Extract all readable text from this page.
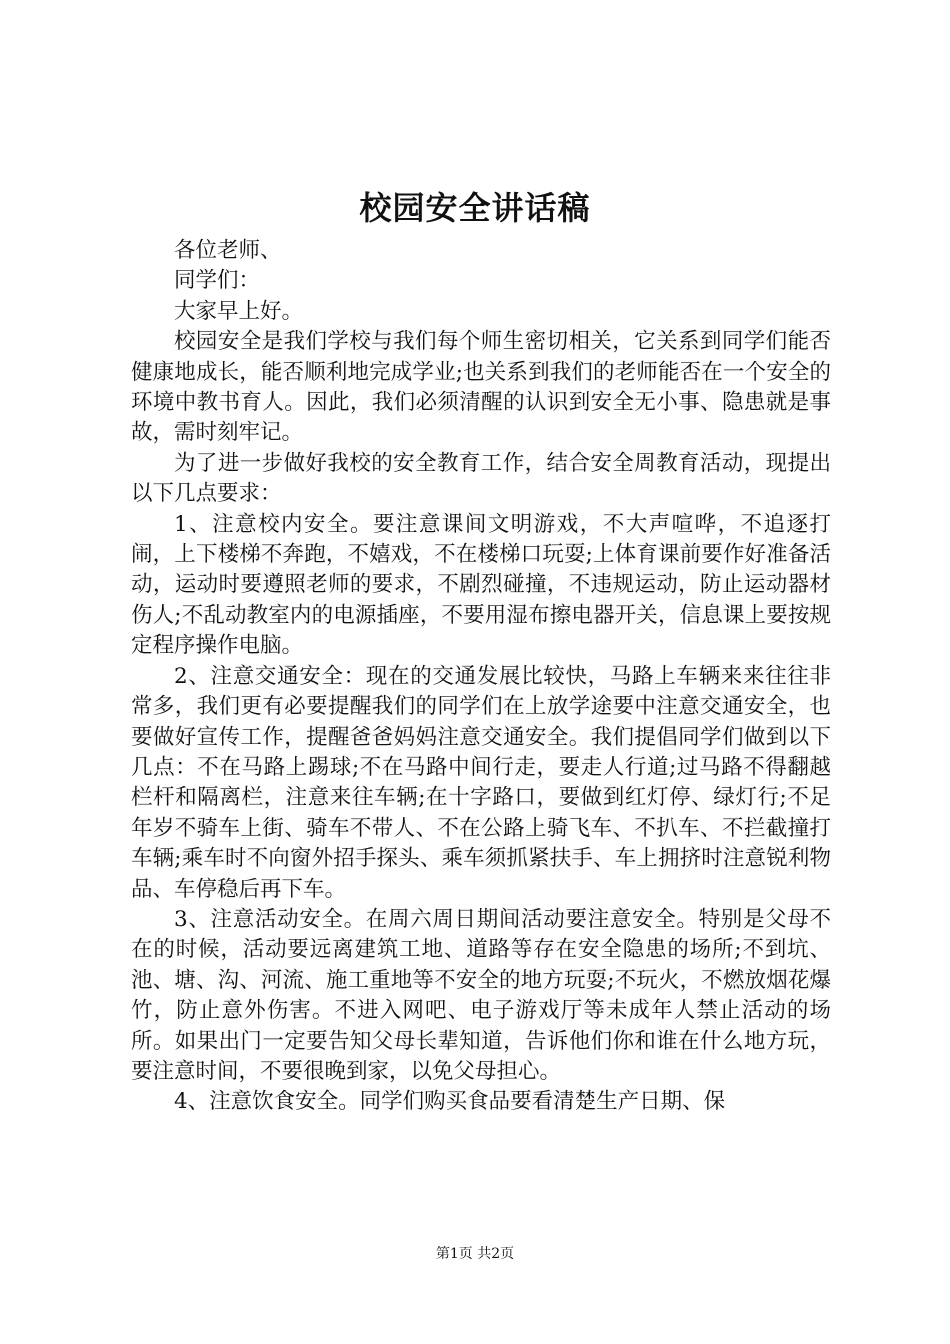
校园安全讲话稿

各位老师、

同学们：

大家早上好。

校园安全是我们学校与我们每个师生密切相关，它关系到同学们能否健康地成长，能否顺利地完成学业;也关系到我们的老师能否在一个安全的环境中教书育人。因此，我们必须清醒的认识到安全无小事、隐患就是事故，需时刻牢记。

为了进一步做好我校的安全教育工作，结合安全周教育活动，现提出以下几点要求：

1、注意校内安全。要注意课间文明游戏，不大声喧哗，不追逐打闹，上下楼梯不奔跑，不嬉戏，不在楼梯口玩耍;上体育课前要作好准备活动，运动时要遵照老师的要求，不剧烈碰撞，不违规运动，防止运动器材伤人;不乱动教室内的电源插座，不要用湿布擦电器开关，信息课上要按规定程序操作电脑。

2、注意交通安全：现在的交通发展比较快，马路上车辆来来往往非常多，我们更有必要提醒我们的同学们在上放学途要中注意交通安全，也要做好宣传工作，提醒爸爸妈妈注意交通安全。我们提倡同学们做到以下几点：不在马路上踢球;不在马路中间行走，要走人行道;过马路不得翻越栏杆和隔离栏，注意来往车辆;在十字路口，要做到红灯停、绿灯行;不足年岁不骑车上街、骑车不带人、不在公路上骑飞车、不扒车、不拦截撞打车辆;乘车时不向窗外招手探头、乘车须抓紧扶手、车上拥挤时注意锐利物品、车停稳后再下车。

3、注意活动安全。在周六周日期间活动要注意安全。特别是父母不在的时候，活动要远离建筑工地、道路等存在安全隐患的场所;不到坑、池、塘、沟、河流、施工重地等不安全的地方玩耍;不玩火，不燃放烟花爆竹，防止意外伤害。不进入网吧、电子游戏厅等未成年人禁止活动的场所。如果出门一定要告知父母长辈知道，告诉他们你和谁在什么地方玩，要注意时间，不要很晚到家，以免父母担心。

4、注意饮食安全。同学们购买食品要看清楚生产日期、保

第1页 共2页
